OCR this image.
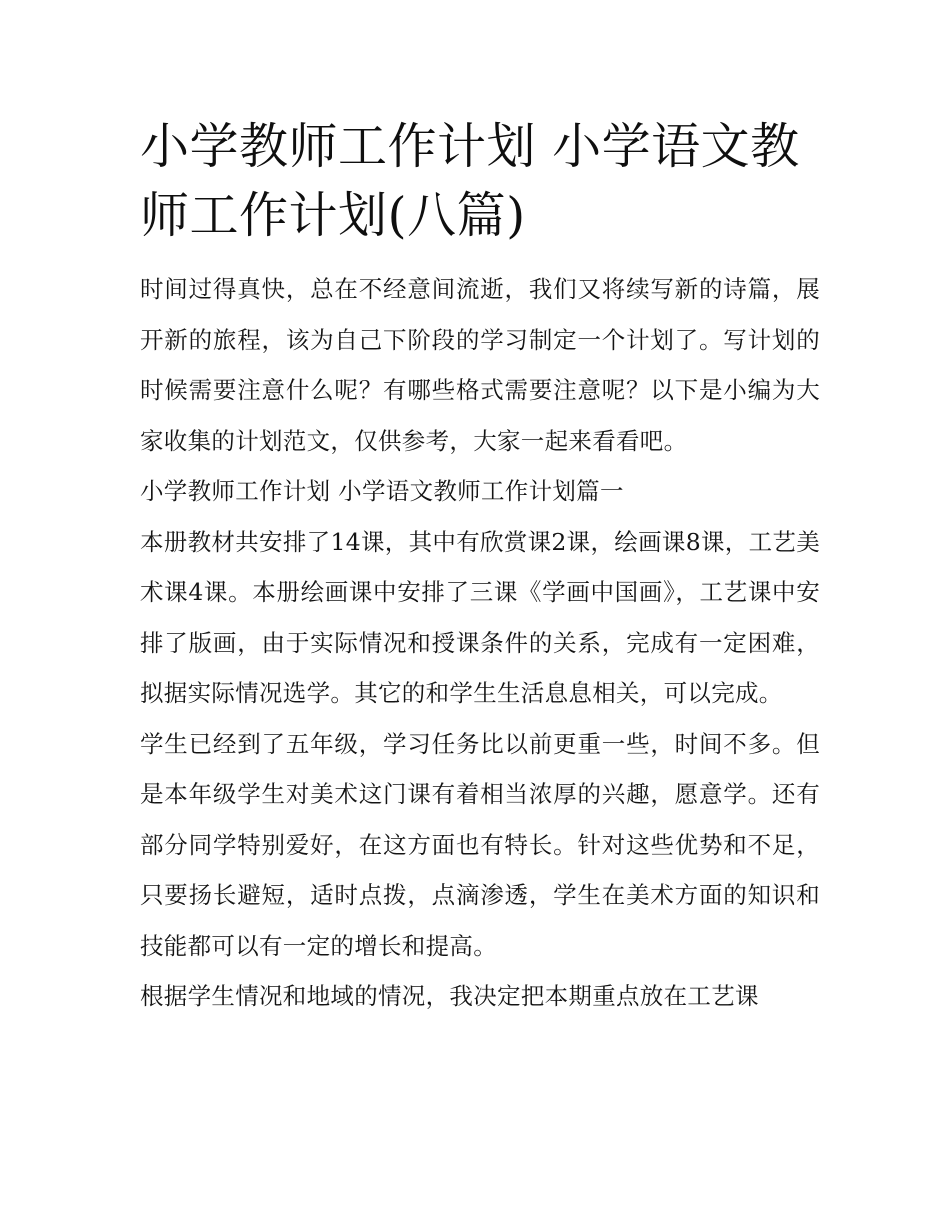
小学教师工作计划 小学语文教师工作计划(八篇)

时间过得真快，总在不经意间流逝，我们又将续写新的诗篇，展开新的旅程，该为自己下阶段的学习制定一个计划了。写计划的时候需要注意什么呢？有哪些格式需要注意呢？以下是小编为大家收集的计划范文，仅供参考，大家一起来看看吧。

小学教师工作计划 小学语文教师工作计划篇一

本册教材共安排了14课，其中有欣赏课2课，绘画课8课，工艺美术课4课。本册绘画课中安排了三课《学画中国画》，工艺课中安排了版画，由于实际情况和授课条件的关系，完成有一定困难，拟据实际情况选学。其它的和学生生活息息相关，可以完成。

学生已经到了五年级，学习任务比以前更重一些，时间不多。但是本年级学生对美术这门课有着相当浓厚的兴趣，愿意学。还有部分同学特别爱好，在这方面也有特长。针对这些优势和不足，只要扬长避短，适时点拨，点滴渗透，学生在美术方面的知识和技能都可以有一定的增长和提高。

根据学生情况和地域的情况，我决定把本期重点放在工艺课
